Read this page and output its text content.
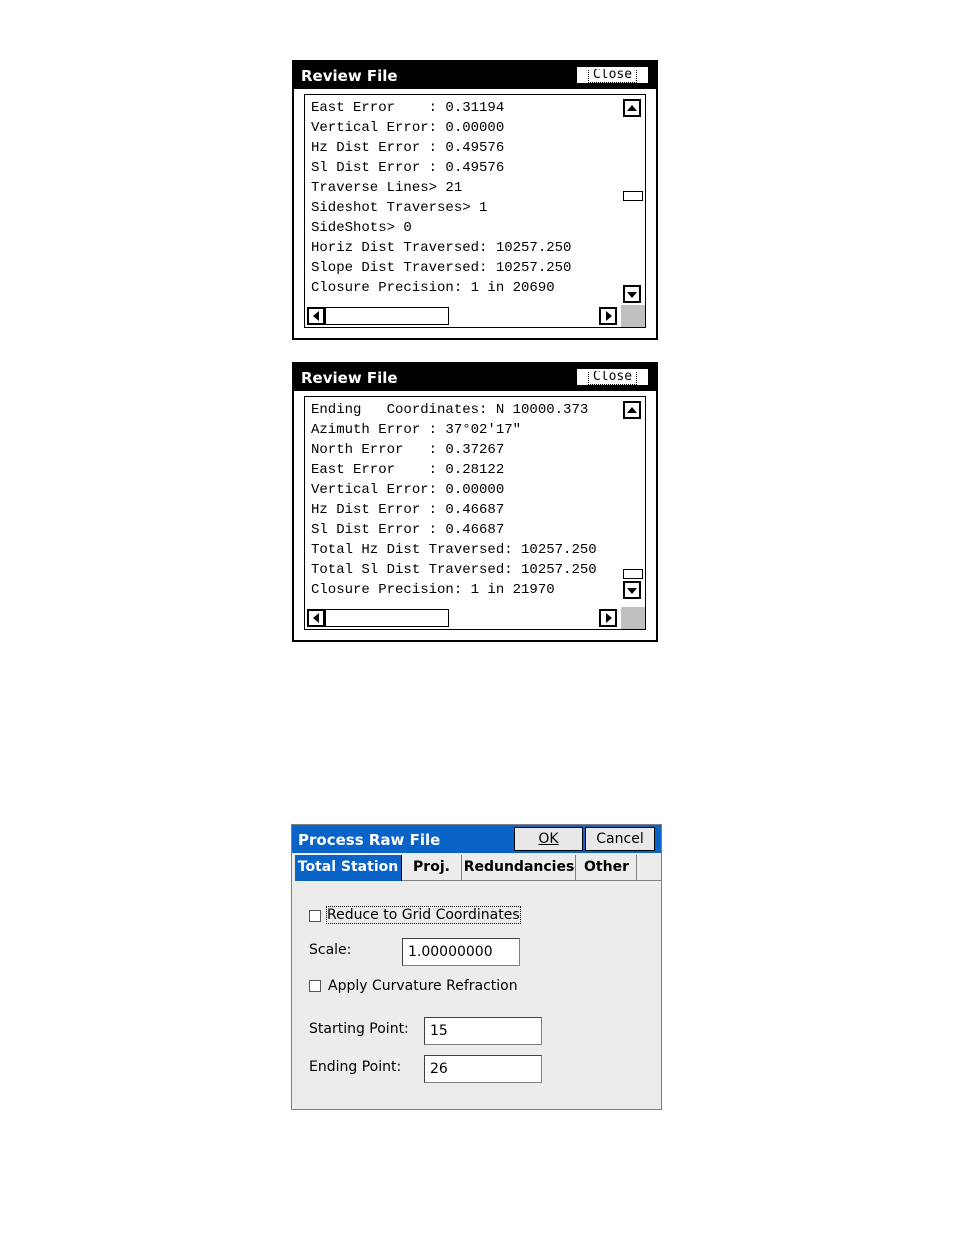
Review File	Close
East Error    : 0.31194
Vertical Error: 0.00000
Hz Dist Error : 0.49576
Sl Dist Error : 0.49576
Traverse Lines> 21
Sideshot Traverses> 1
SideShots> 0
Horiz Dist Traversed: 10257.250
Slope Dist Traversed: 10257.250
Closure Precision: 1 in 20690
Review File	Close
Ending   Coordinates: N 10000.373
Azimuth Error : 37°02'17"
North Error   : 0.37267
East Error    : 0.28122
Vertical Error: 0.00000
Hz Dist Error : 0.46687
Sl Dist Error : 0.46687
Total Hz Dist Traversed: 10257.250
Total Sl Dist Traversed: 10257.250
Closure Precision: 1 in 21970
Process Raw File	OK	Cancel
Total Station	Proj. Redundancies Other
Reduce to Grid Coordinates
Scale:	1.00000000
Apply Curvature Refraction
Starting Point:	15
Ending Point:	26
